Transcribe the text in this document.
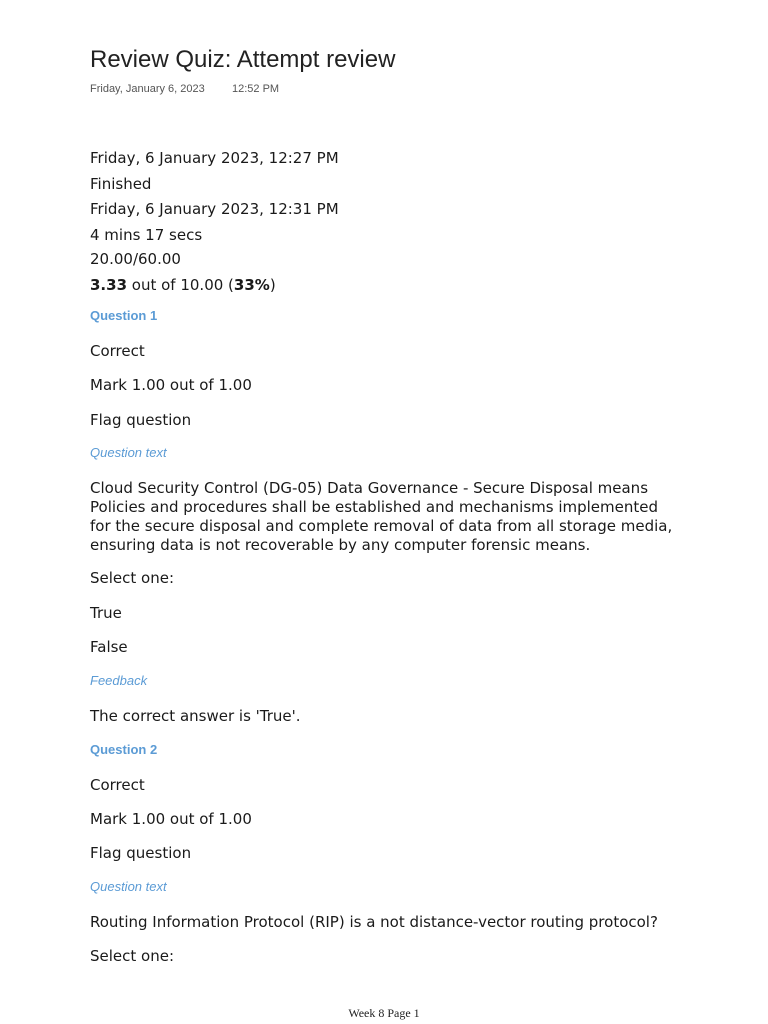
Review Quiz: Attempt review
Friday, January 6, 2023 12:52 PM
Friday, 6 January 2023, 12:27 PM
Finished
Friday, 6 January 2023, 12:31 PM
4 mins 17 secs
20.00/60.00
3.33 out of 10.00 (33%)
Question 1
Correct
Mark 1.00 out of 1.00
Flag question
Question text
Cloud Security Control (DG-05) Data Governance - Secure Disposal means
Policies and procedures shall be established and mechanisms implemented
for the secure disposal and complete removal of data from all storage media,
ensuring data is not recoverable by any computer forensic means.
Select one:
True
False
Feedback
The correct answer is 'True'.
Question 2
Correct
Mark 1.00 out of 1.00
Flag question
Question text
Routing Information Protocol (RIP) is a not distance-vector routing protocol?
Select one:
Week 8 Page 1
